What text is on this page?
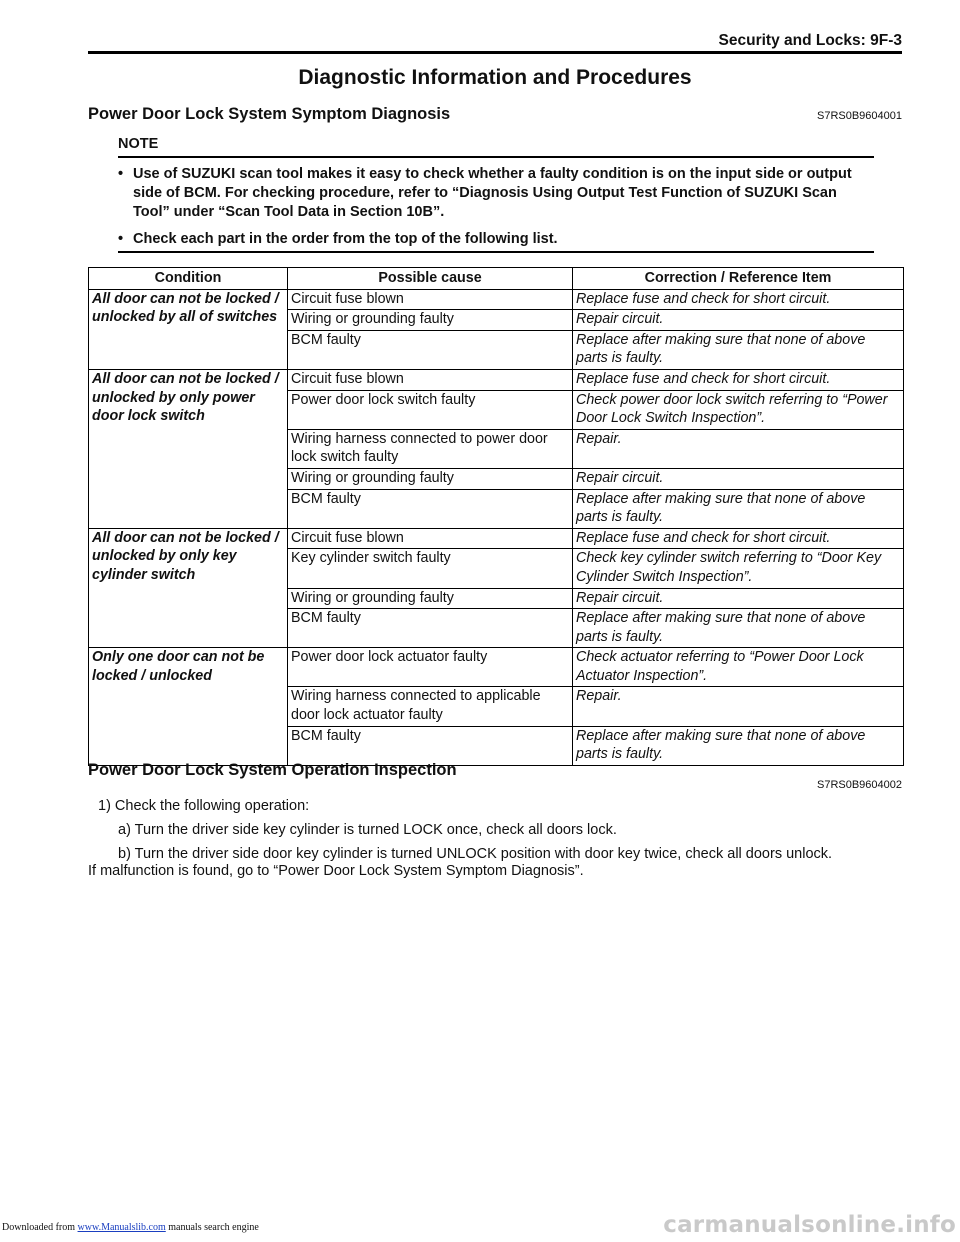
Security and Locks: 9F-3
Diagnostic Information and Procedures
Power Door Lock System Symptom Diagnosis	S7RS0B9604001
NOTE
• Use of SUZUKI scan tool makes it easy to check whether a faulty condition is on the input side or output side of BCM. For checking procedure, refer to “Diagnosis Using Output Test Function of SUZUKI Scan Tool” under “Scan Tool Data in Section 10B”.
• Check each part in the order from the top of the following list.
Condition	Possible cause	Correction / Reference Item
All door can not be locked / unlocked by all of switches	Circuit fuse blown	Replace fuse and check for short circuit.
	Wiring or grounding faulty	Repair circuit.
	BCM faulty	Replace after making sure that none of above parts is faulty.
All door can not be locked / unlocked by only power door lock switch	Circuit fuse blown	Replace fuse and check for short circuit.
	Power door lock switch faulty	Check power door lock switch referring to “Power Door Lock Switch Inspection”.
	Wiring harness connected to power door lock switch faulty	Repair.
	Wiring or grounding faulty	Repair circuit.
	BCM faulty	Replace after making sure that none of above parts is faulty.
All door can not be locked / unlocked by only key cylinder switch	Circuit fuse blown	Replace fuse and check for short circuit.
	Key cylinder switch faulty	Check key cylinder switch referring to “Door Key Cylinder Switch Inspection”.
	Wiring or grounding faulty	Repair circuit.
	BCM faulty	Replace after making sure that none of above parts is faulty.
Only one door can not be locked / unlocked	Power door lock actuator faulty	Check actuator referring to “Power Door Lock Actuator Inspection”.
	Wiring harness connected to applicable door lock actuator faulty	Repair.
	BCM faulty	Replace after making sure that none of above parts is faulty.
Power Door Lock System Operation Inspection
S7RS0B9604002
1) Check the following operation:
a) Turn the driver side key cylinder is turned LOCK once, check all doors lock.
b) Turn the driver side door key cylinder is turned UNLOCK position with door key twice, check all doors unlock.
If malfunction is found, go to “Power Door Lock System Symptom Diagnosis”.
Downloaded from www.Manualslib.com manuals search engine	carmanualsonline.info
